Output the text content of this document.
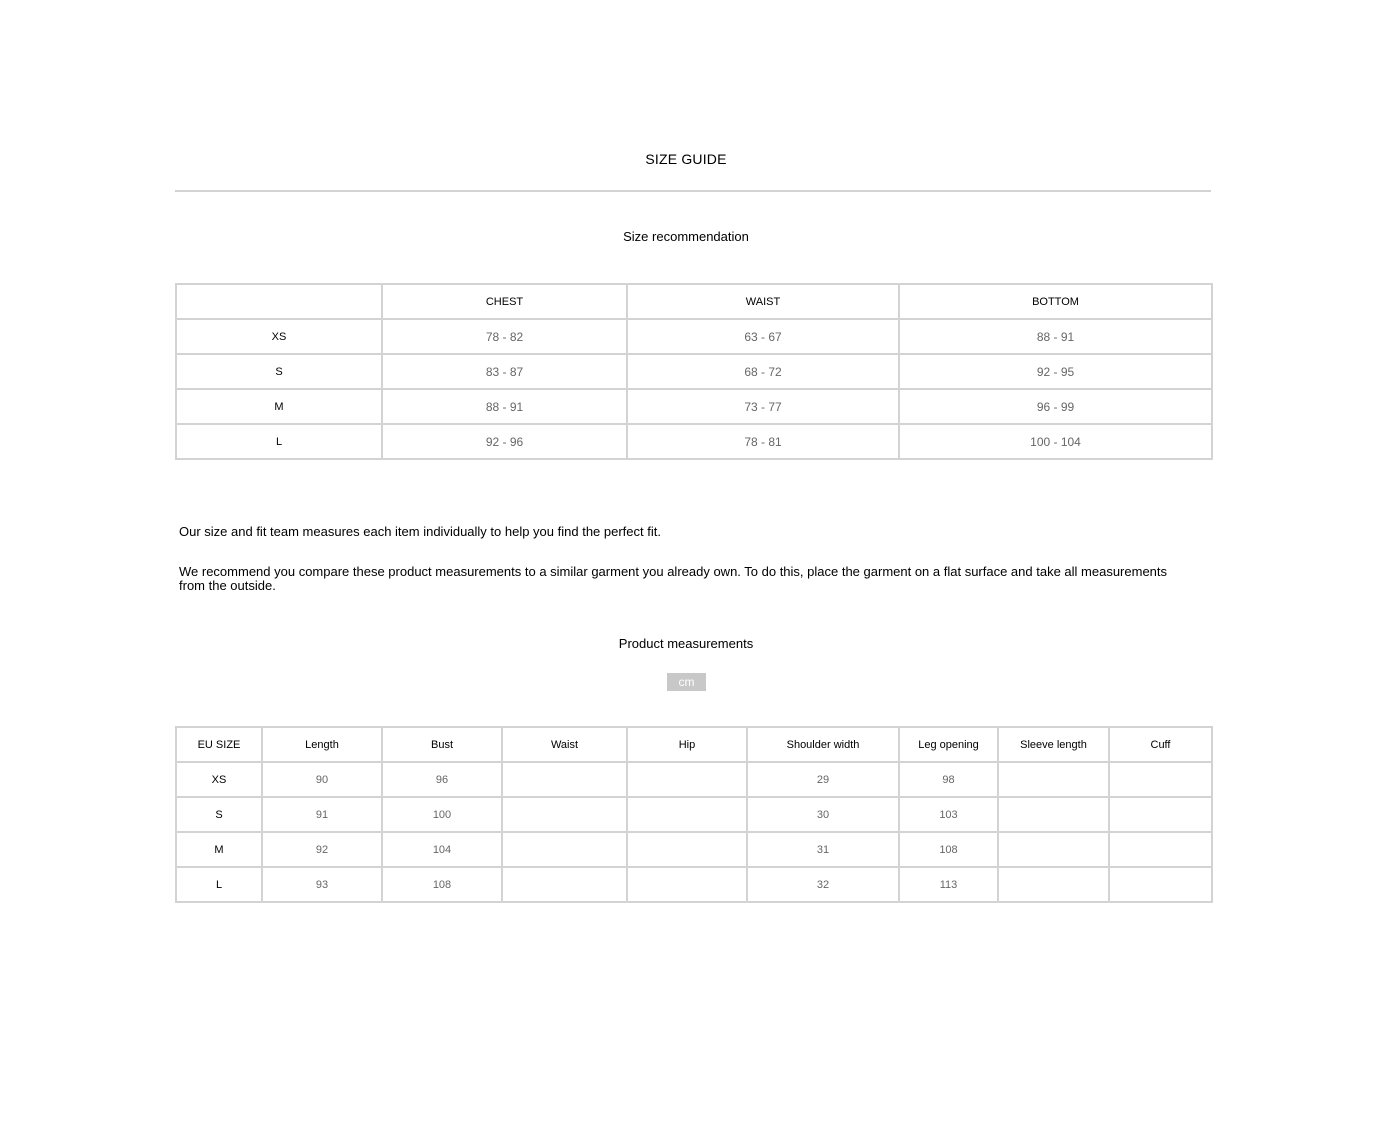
SIZE GUIDE
Size recommendation
	CHEST	WAIST	BOTTOM
XS	78 - 82	63 - 67	88 - 91
S	83 - 87	68 - 72	92 - 95
M	88 - 91	73 - 77	96 - 99
L	92 - 96	78 - 81	100 - 104
Our size and fit team measures each item individually to help you find the perfect fit.
We recommend you compare these product measurements to a similar garment you already own. To do this, place the garment on a flat surface and take all measurements from the outside.
Product measurements
cm
EU SIZE	Length	Bust	Waist	Hip	Shoulder width	Leg opening	Sleeve length	Cuff
XS	90	96			29	98		
S	91	100			30	103		
M	92	104			31	108		
L	93	108			32	113		
